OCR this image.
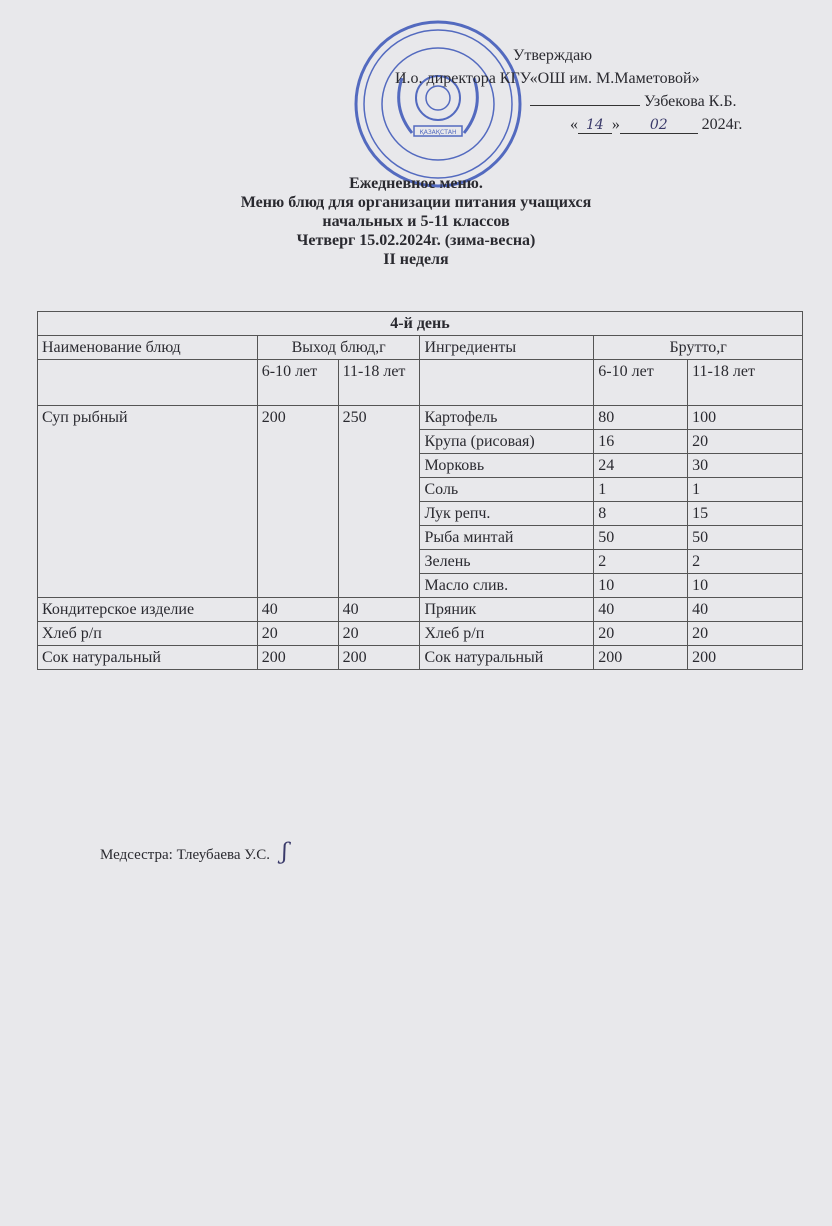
ҚАЗАҚСТАН
Утверждаю
И.о. директора КГУ«ОШ им. М.Маметовой»
Узбекова К.Б.
« 14 » 02 2024г.
Ежедневное меню.
Меню блюд для организации питания учащихся
начальных и 5-11 классов
Четверг 15.02.2024г. (зима-весна)
II неделя
4-й день					
Наименование блюд	Выход блюд,г		Ингредиенты	Брутто,г	
	6-10 лет	11-18 лет		6-10 лет	11-18 лет
Суп рыбный	200	250	Картофель	80	100
			Крупа (рисовая)	16	20
			Морковь	24	30
			Соль	1	1
			Лук репч.	8	15
			Рыба минтай	50	50
			Зелень	2	2
			Масло слив.	10	10
Кондитерское изделие	40	40	Пряник	40	40
Хлеб р/п	20	20	Хлеб р/п	20	20
Сок натуральный	200	200	Сок натуральный	200	200
Медсестра: Тлеубаева У.С. ʃ
